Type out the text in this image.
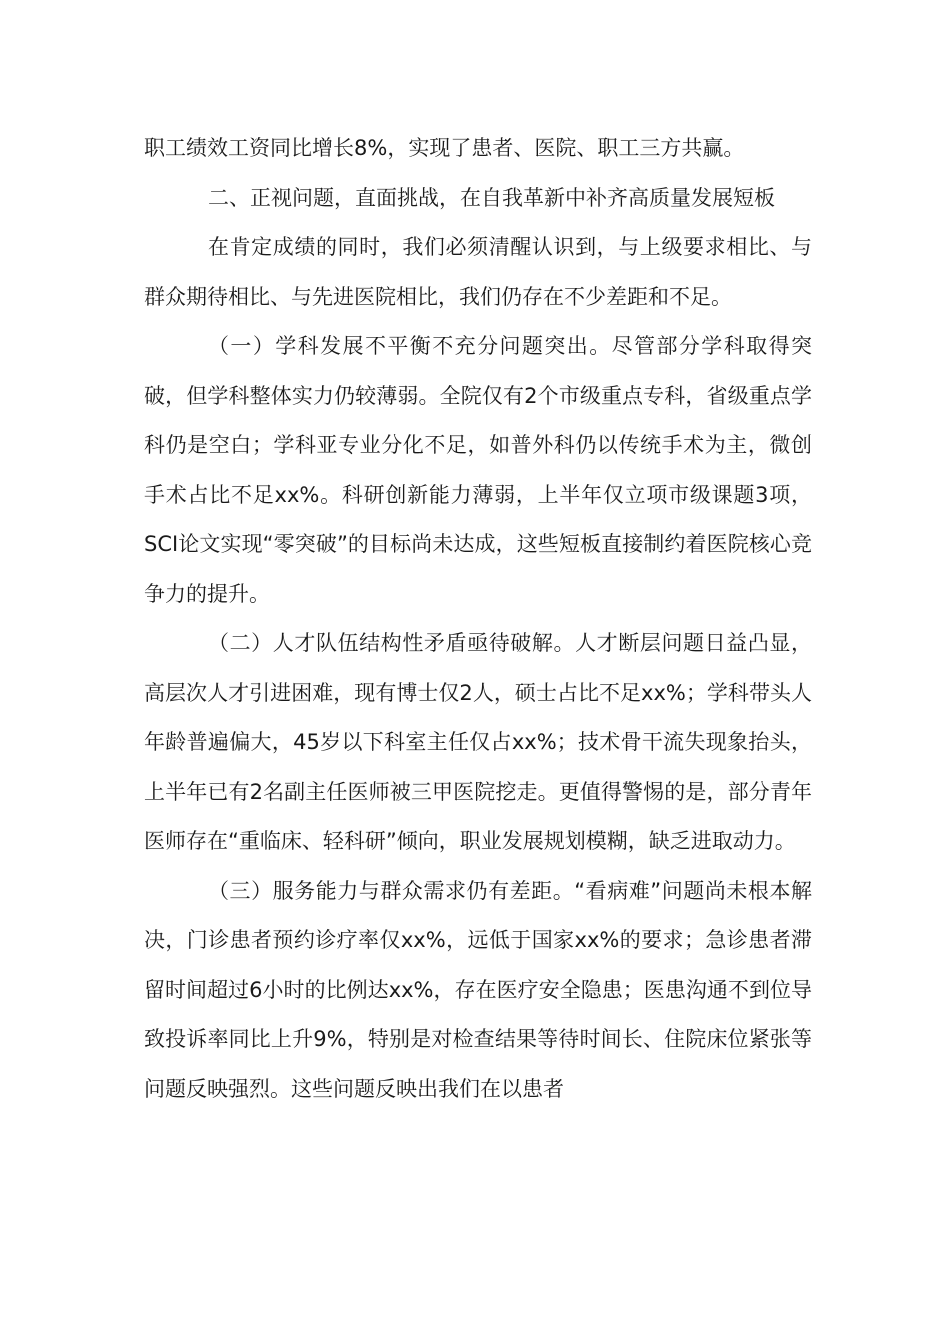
职工绩效工资同比增长8%，实现了患者、医院、职工三方共赢。

二、正视问题，直面挑战，在自我革新中补齐高质量发展短板

在肯定成绩的同时，我们必须清醒认识到，与上级要求相比、与群众期待相比、与先进医院相比，我们仍存在不少差距和不足。

（一）学科发展不平衡不充分问题突出。尽管部分学科取得突破，但学科整体实力仍较薄弱。全院仅有2个市级重点专科，省级重点学科仍是空白；学科亚专业分化不足，如普外科仍以传统手术为主，微创手术占比不足xx%。科研创新能力薄弱，上半年仅立项市级课题3项，SCI论文实现“零突破”的目标尚未达成，这些短板直接制约着医院核心竞争力的提升。

（二）人才队伍结构性矛盾亟待破解。人才断层问题日益凸显，高层次人才引进困难，现有博士仅2人，硕士占比不足xx%；学科带头人年龄普遍偏大，45岁以下科室主任仅占xx%；技术骨干流失现象抬头，上半年已有2名副主任医师被三甲医院挖走。更值得警惕的是，部分青年医师存在“重临床、轻科研”倾向，职业发展规划模糊，缺乏进取动力。

（三）服务能力与群众需求仍有差距。“看病难”问题尚未根本解决，门诊患者预约诊疗率仅xx%，远低于国家xx%的要求；急诊患者滞留时间超过6小时的比例达xx%，存在医疗安全隐患；医患沟通不到位导致投诉率同比上升9%，特别是对检查结果等待时间长、住院床位紧张等问题反映强烈。这些问题反映出我们在以患者
